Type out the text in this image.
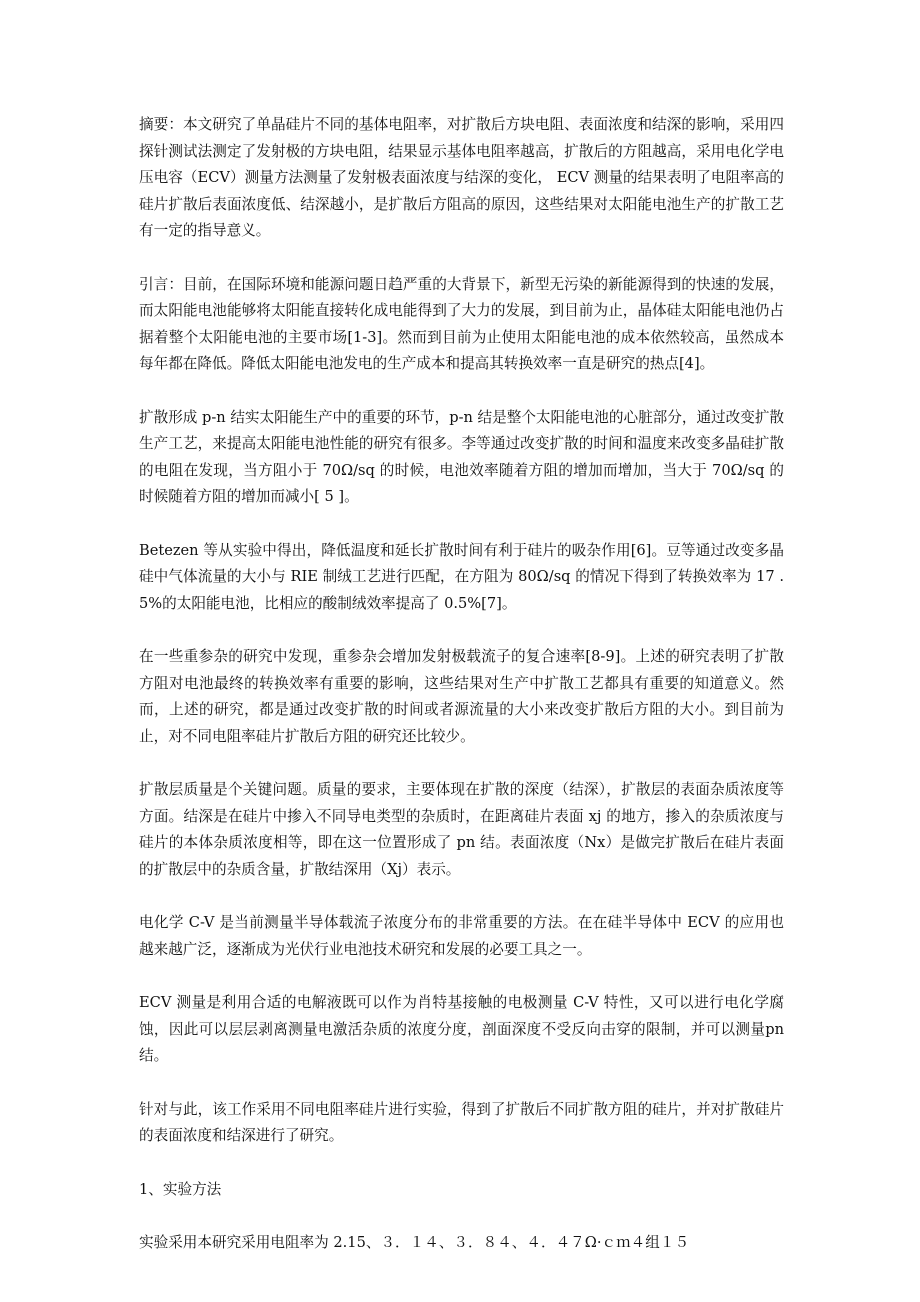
摘要：本文研究了单晶硅片不同的基体电阻率，对扩散后方块电阻、表面浓度和结深的影响，采用四探针测试法测定了发射极的方块电阻，结果显示基体电阻率越高，扩散后的方阻越高，采用电化学电压电容（ECV）测量方法测量了发射极表面浓度与结深的变化， ECV 测量的结果表明了电阻率高的硅片扩散后表面浓度低、结深越小，是扩散后方阻高的原因，这些结果对太阳能电池生产的扩散工艺有一定的指导意义。

引言：目前，在国际环境和能源问题日趋严重的大背景下，新型无污染的新能源得到的快速的发展，而太阳能电池能够将太阳能直接转化成电能得到了大力的发展，到目前为止，晶体硅太阳能电池仍占据着整个太阳能电池的主要市场[1-3]。然而到目前为止使用太阳能电池的成本依然较高，虽然成本每年都在降低。降低太阳能电池发电的生产成本和提高其转换效率一直是研究的热点[4]。

扩散形成 p-n 结实太阳能生产中的重要的环节，p-n 结是整个太阳能电池的心脏部分，通过改变扩散生产工艺，来提高太阳能电池性能的研究有很多。李等通过改变扩散的时间和温度来改变多晶硅扩散的电阻在发现，当方阻小于 70Ω/sq 的时候，电池效率随着方阻的增加而增加，当大于 70Ω/sq 的时候随着方阻的增加而减小[ 5 ]。

Betezen 等从实验中得出，降低温度和延长扩散时间有利于硅片的吸杂作用[6]。豆等通过改变多晶硅中气体流量的大小与 RIE 制绒工艺进行匹配，在方阻为 80Ω/sq 的情况下得到了转换效率为 17 . 5%的太阳能电池，比相应的酸制绒效率提高了 0.5%[7]。

在一些重参杂的研究中发现，重参杂会增加发射极载流子的复合速率[8-9]。上述的研究表明了扩散方阻对电池最终的转换效率有重要的影响，这些结果对生产中扩散工艺都具有重要的知道意义。然而，上述的研究，都是通过改变扩散的时间或者源流量的大小来改变扩散后方阻的大小。到目前为止，对不同电阻率硅片扩散后方阻的研究还比较少。

扩散层质量是个关键问题。质量的要求，主要体现在扩散的深度（结深），扩散层的表面杂质浓度等方面。结深是在硅片中掺入不同导电类型的杂质时，在距离硅片表面 xj 的地方，掺入的杂质浓度与硅片的本体杂质浓度相等，即在这一位置形成了 pn 结。表面浓度（Nx）是做完扩散后在硅片表面的扩散层中的杂质含量，扩散结深用（Xj）表示。

电化学 C-V 是当前测量半导体载流子浓度分布的非常重要的方法。在在硅半导体中 ECV 的应用也越来越广泛，逐渐成为光伏行业电池技术研究和发展的必要工具之一。

ECV 测量是利用合适的电解液既可以作为肖特基接触的电极测量 C-V 特性，又可以进行电化学腐蚀，因此可以层层剥离测量电激活杂质的浓度分度，剖面深度不受反向击穿的限制，并可以测量pn 结。

针对与此，该工作采用不同电阻率硅片进行实验，得到了扩散后不同扩散方阻的硅片，并对扩散硅片的表面浓度和结深进行了研究。

1、实验方法

实验采用本研究采用电阻率为 2.15、３．１４、３．８４、４．４７Ω·ｃｍ４组１５
